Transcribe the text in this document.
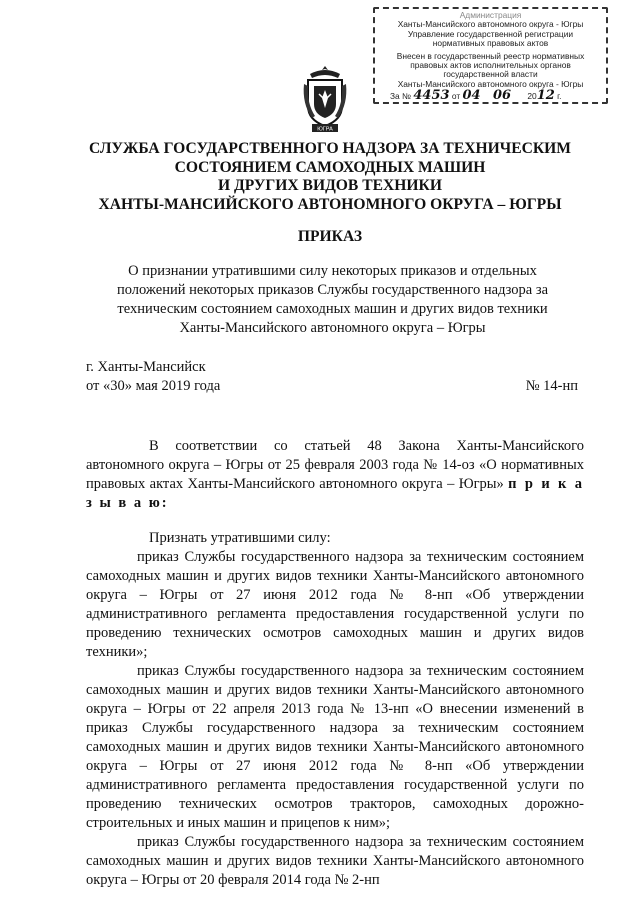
Администрация
Ханты-Мансийского автономного округа - Югры
Управление государственной регистрации
нормативных правовых актов
Внесен в государственный реестр нормативных
правовых актов исполнительных органов
государственной власти
Ханты-Мансийского автономного округа - Югры
За № 4453 от 04 06 2012 г.
ЮГРА
СЛУЖБА ГОСУДАРСТВЕННОГО НАДЗОРА ЗА ТЕХНИЧЕСКИМ
СОСТОЯНИЕМ САМОХОДНЫХ МАШИН
И ДРУГИХ ВИДОВ ТЕХНИКИ
ХАНТЫ-МАНСИЙСКОГО АВТОНОМНОГО ОКРУГА – ЮГРЫ
ПРИКАЗ
О признании утратившими силу некоторых приказов и отдельных
положений некоторых приказов Службы государственного надзора за
техническим состоянием самоходных машин и других видов техники
Ханты-Мансийского автономного округа – Югры
г. Ханты-Мансийск
от «30» мая 2019 года	№ 14-нп

В соответствии со статьей 48 Закона Ханты-Мансийского автономного округа – Югры от 25 февраля 2003 года № 14-оз «О нормативных правовых актах Ханты-Мансийского автономного округа – Югры» п р и к а з ы в а ю:

Признать утратившими силу:

приказ Службы государственного надзора за техническим состоянием самоходных машин и других видов техники Ханты-Мансийского автономного округа – Югры от 27 июня 2012 года № 8-нп «Об утверждении административного регламента предоставления государственной услуги по проведению технических осмотров самоходных машин и других видов техники»;

приказ Службы государственного надзора за техническим состоянием самоходных машин и других видов техники Ханты-Мансийского автономного округа – Югры от 22 апреля 2013 года № 13-нп «О внесении изменений в приказ Службы государственного надзора за техническим состоянием самоходных машин и других видов техники Ханты-Мансийского автономного округа – Югры от 27 июня 2012 года № 8-нп «Об утверждении административного регламента предоставления государственной услуги по проведению технических осмотров тракторов, самоходных дорожно-строительных и иных машин и прицепов к ним»;

приказ Службы государственного надзора за техническим состоянием самоходных машин и других видов техники Ханты-Мансийского автономного округа – Югры от 20 февраля 2014 года № 2-нп
